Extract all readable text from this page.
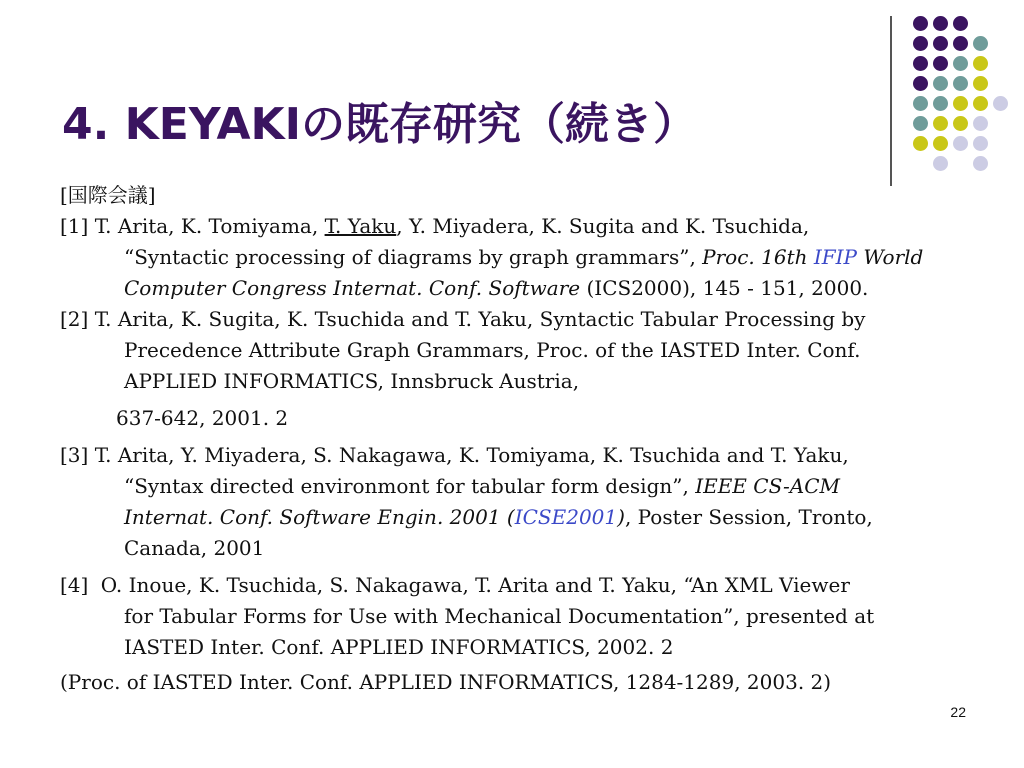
4. KEYAKIの既存研究（続き）
[国際会議]
[1] T. Arita, K. Tomiyama, T. Yaku, Y. Miyadera, K. Sugita and K. Tsuchida,
“Syntactic processing of diagrams by graph grammars”, Proc. 16th IFIP World
Computer Congress Internat. Conf. Software (ICS2000), 145 - 151, 2000.
[2] T. Arita, K. Sugita, K. Tsuchida and T. Yaku, Syntactic Tabular Processing by
Precedence Attribute Graph Grammars, Proc. of the IASTED Inter. Conf.
APPLIED INFORMATICS, Innsbruck Austria,
637-642, 2001. 2
[3] T. Arita, Y. Miyadera, S. Nakagawa, K. Tomiyama, K. Tsuchida and T. Yaku,
“Syntax directed environmont for tabular form design”, IEEE CS-ACM
Internat. Conf. Software Engin. 2001 (ICSE2001), Poster Session, Tronto,
Canada, 2001
[4] O. Inoue, K. Tsuchida, S. Nakagawa, T. Arita and T. Yaku, “An XML Viewer
for Tabular Forms for Use with Mechanical Documentation”, presented at
IASTED Inter. Conf. APPLIED INFORMATICS, 2002. 2
(Proc. of IASTED Inter. Conf. APPLIED INFORMATICS, 1284-1289, 2003. 2)
22
